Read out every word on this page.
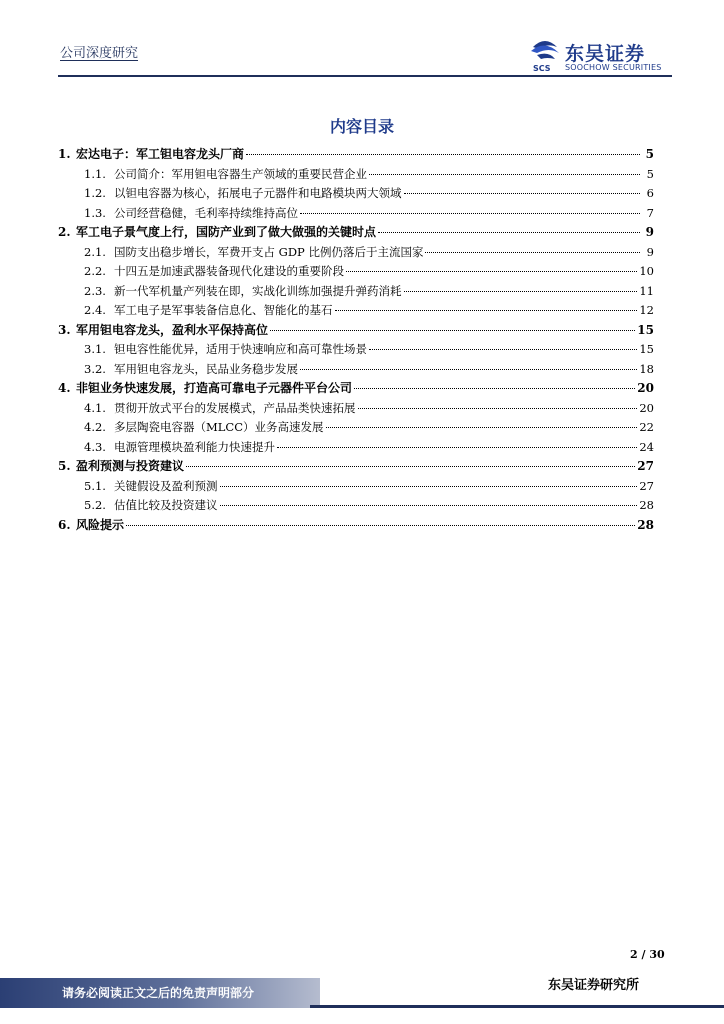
公司深度研究
SCS
东吴证券
SOOCHOW SECURITIES
内容目录
1. 宏达电子：军工钽电容龙头厂商	5
1.1. 公司简介：军用钽电容器生产领域的重要民营企业	5
1.2. 以钽电容器为核心，拓展电子元器件和电路模块两大领域	6
1.3. 公司经营稳健，毛利率持续维持高位	7
2. 军工电子景气度上行，国防产业到了做大做强的关键时点	9
2.1. 国防支出稳步增长，军费开支占 GDP 比例仍落后于主流国家	9
2.2. 十四五是加速武器装备现代化建设的重要阶段	10
2.3. 新一代军机量产列装在即，实战化训练加强提升弹药消耗	11
2.4. 军工电子是军事装备信息化、智能化的基石	12
3. 军用钽电容龙头，盈利水平保持高位	15
3.1. 钽电容性能优异，适用于快速响应和高可靠性场景	15
3.2. 军用钽电容龙头，民品业务稳步发展	18
4. 非钽业务快速发展，打造高可靠电子元器件平台公司	20
4.1. 贯彻开放式平台的发展模式，产品品类快速拓展	20
4.2. 多层陶瓷电容器（MLCC）业务高速发展	22
4.3. 电源管理模块盈利能力快速提升	24
5. 盈利预测与投资建议	27
5.1. 关键假设及盈利预测	27
5.2. 估值比较及投资建议	28
6. 风险提示	28
2 / 30
请务必阅读正文之后的免责声明部分	东吴证券研究所
